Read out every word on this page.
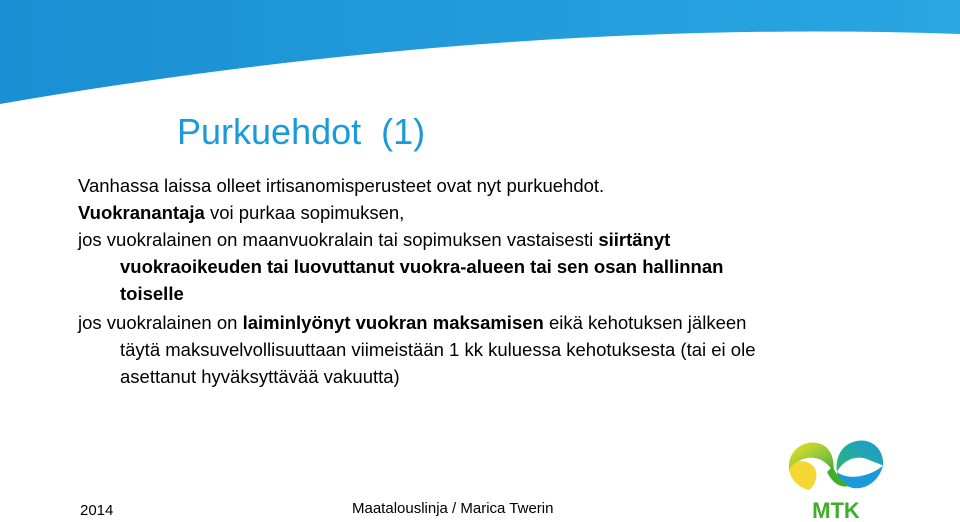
Purkuehdot  (1)

Vanhassa laissa olleet irtisanomisperusteet ovat nyt purkuehdot.

Vuokranantaja voi purkaa sopimuksen,

jos vuokralainen on maanvuokralain tai sopimuksen vastaisesti siirtänyt
vuokraoikeuden tai luovuttanut vuokra-alueen tai sen osan hallinnan
toiselle

jos vuokralainen on laiminlyönyt vuokran maksamisen eikä kehotuksen jälkeen
täytä maksuvelvollisuuttaan viimeistään 1 kk kuluessa kehotuksesta (tai ei ole
asettanut hyväksyttävää vakuutta)

2014	Maatalouslinja / Marica Twerin	MTK
